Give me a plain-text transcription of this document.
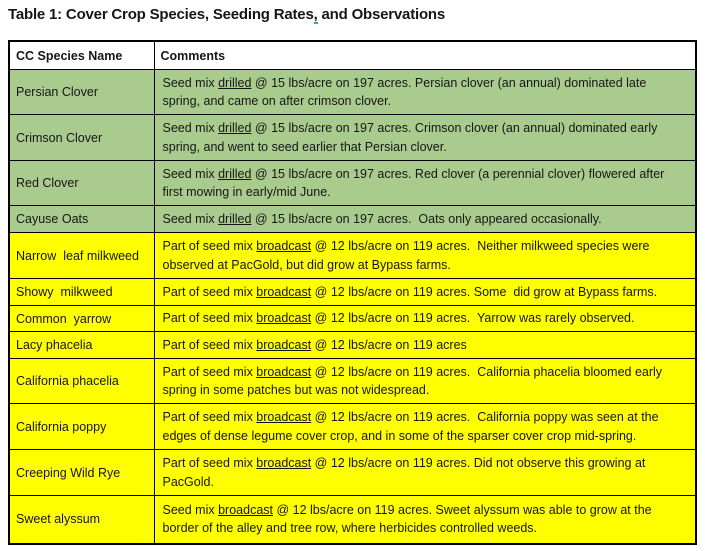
Table 1: Cover Crop Species, Seeding Rates, and Observations
CC Species Name	Comments
Persian Clover	Seed mix drilled @ 15 lbs/acre on 197 acres. Persian clover (an annual) dominated late spring, and came on after crimson clover.
Crimson Clover	Seed mix drilled @ 15 lbs/acre on 197 acres. Crimson clover (an annual) dominated early spring, and went to seed earlier that Persian clover.
Red Clover	Seed mix drilled @ 15 lbs/acre on 197 acres. Red clover (a perennial clover) flowered after first mowing in early/mid June.
Cayuse Oats	Seed mix drilled @ 15 lbs/acre on 197 acres.  Oats only appeared occasionally.
Narrow  leaf milkweed	Part of seed mix broadcast @ 12 lbs/acre on 119 acres.  Neither milkweed species were observed at PacGold, but did grow at Bypass farms.
Showy  milkweed	Part of seed mix broadcast @ 12 lbs/acre on 119 acres. Some  did grow at Bypass farms.
Common  yarrow	Part of seed mix broadcast @ 12 lbs/acre on 119 acres.  Yarrow was rarely observed.
Lacy phacelia	Part of seed mix broadcast @ 12 lbs/acre on 119 acres
California phacelia	Part of seed mix broadcast @ 12 lbs/acre on 119 acres.  California phacelia bloomed early spring in some patches but was not widespread.
California poppy	Part of seed mix broadcast @ 12 lbs/acre on 119 acres.  California poppy was seen at the edges of dense legume cover crop, and in some of the sparser cover crop mid-spring.
Creeping Wild Rye	Part of seed mix broadcast @ 12 lbs/acre on 119 acres. Did not observe this growing at PacGold.
Sweet alyssum	Seed mix broadcast @ 12 lbs/acre on 119 acres. Sweet alyssum was able to grow at the border of the alley and tree row, where herbicides controlled weeds.
